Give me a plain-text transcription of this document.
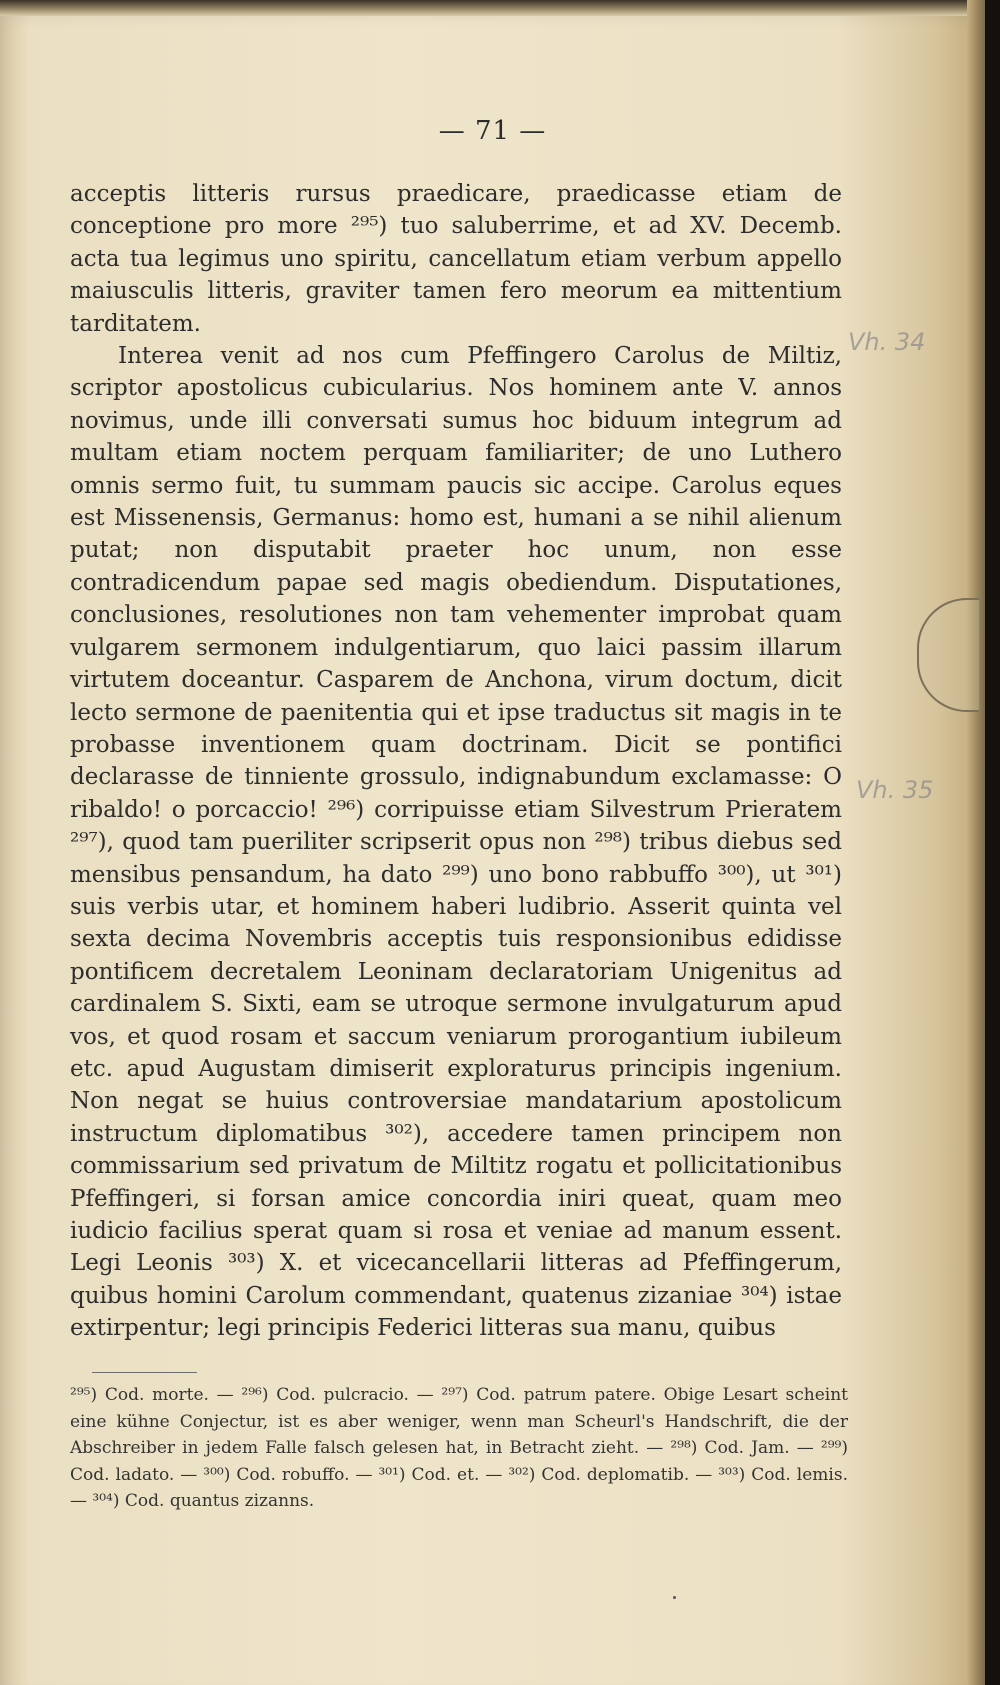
— 71 —

acceptis litteris rursus praedicare, praedicasse etiam de conceptione pro more ²⁹⁵) tuo saluberrime, et ad XV. Decemb. acta tua legimus uno spiritu, cancellatum etiam verbum appello maiusculis litteris, graviter tamen fero meorum ea mittentium tarditatem.

Interea venit ad nos cum Pfeffingero Carolus de Miltiz, scriptor apostolicus cubicularius. Nos hominem ante V. annos novimus, unde illi conversati sumus hoc biduum integrum ad multam etiam noctem perquam familiariter; de uno Luthero omnis sermo fuit, tu summam paucis sic accipe. Carolus eques est Missenensis, Germanus: homo est, humani a se nihil alienum putat; non disputabit praeter hoc unum, non esse contradicendum papae sed magis obediendum. Disputationes, conclusiones, resolutiones non tam vehementer improbat quam vulgarem sermonem indulgentiarum, quo laici passim illarum virtutem doceantur. Casparem de Anchona, virum doctum, dicit lecto sermone de paenitentia qui et ipse traductus sit magis in te probasse inventionem quam doctrinam. Dicit se pontifici declarasse de tinniente grossulo, indignabundum exclamasse: O ribaldo! o porcaccio! ²⁹⁶) corripuisse etiam Silvestrum Prieratem ²⁹⁷), quod tam pueriliter scripserit opus non ²⁹⁸) tribus diebus sed mensibus pensandum, ha dato ²⁹⁹) uno bono rabbuffo ³⁰⁰), ut ³⁰¹) suis verbis utar, et hominem haberi ludibrio. Asserit quinta vel sexta decima Novembris acceptis tuis responsionibus edidisse pontificem decretalem Leoninam declaratoriam Unigenitus ad cardinalem S. Sixti, eam se utroque sermone invulgaturum apud vos, et quod rosam et saccum veniarum prorogantium iubileum etc. apud Augustam dimiserit exploraturus principis ingenium. Non negat se huius controversiae mandatarium apostolicum instructum diplomatibus ³⁰²), accedere tamen principem non commissarium sed privatum de Miltitz rogatu et pollicitationibus Pfeffingeri, si forsan amice concordia iniri queat, quam meo iudicio facilius sperat quam si rosa et veniae ad manum essent. Legi Leonis ³⁰³) X. et vicecancellarii litteras ad Pfeffingerum, quibus homini Carolum commendant, quatenus zizaniae ³⁰⁴) istae extirpentur; legi principis Federici litteras sua manu, quibus

Vh. 34
Vh. 35

²⁹⁵) Cod. morte. — ²⁹⁶) Cod. pulcracio. — ²⁹⁷) Cod. patrum patere. Obige Lesart scheint eine kühne Conjectur, ist es aber weniger, wenn man Scheurl's Handschrift, die der Abschreiber in jedem Falle falsch gelesen hat, in Betracht zieht. — ²⁹⁸) Cod. Jam. — ²⁹⁹) Cod. ladato. — ³⁰⁰) Cod. robuffo. — ³⁰¹) Cod. et. — ³⁰²) Cod. deplomatib. — ³⁰³) Cod. lemis. — ³⁰⁴) Cod. quantus zizanns.
